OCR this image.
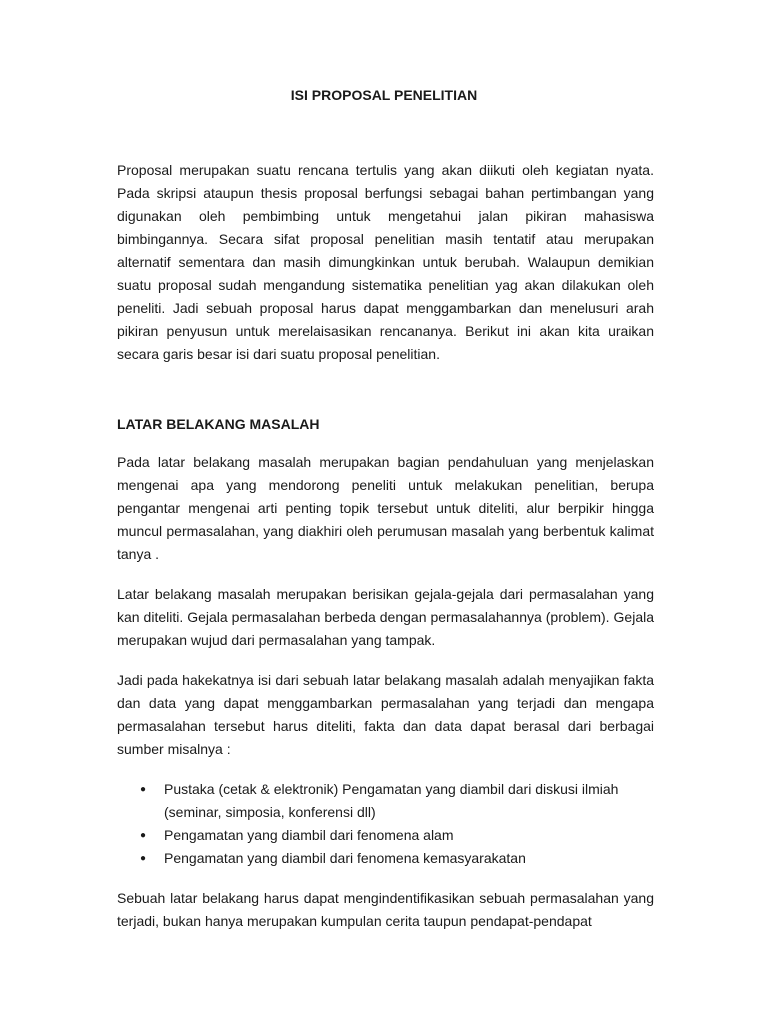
ISI PROPOSAL PENELITIAN

Proposal merupakan suatu rencana tertulis yang akan diikuti oleh kegiatan nyata. Pada skripsi ataupun thesis proposal berfungsi sebagai bahan pertimbangan yang digunakan oleh pembimbing untuk mengetahui jalan pikiran mahasiswa bimbingannya. Secara sifat proposal penelitian masih tentatif atau merupakan alternatif sementara dan masih dimungkinkan untuk berubah. Walaupun demikian suatu proposal sudah mengandung sistematika penelitian yag akan dilakukan oleh peneliti. Jadi sebuah proposal harus dapat menggambarkan dan menelusuri arah pikiran penyusun untuk merelaisasikan rencananya. Berikut ini akan kita uraikan secara garis besar isi dari suatu proposal penelitian.

LATAR BELAKANG MASALAH

Pada latar belakang masalah merupakan bagian pendahuluan yang menjelaskan mengenai apa yang mendorong peneliti untuk melakukan penelitian, berupa pengantar mengenai arti penting topik tersebut untuk diteliti, alur berpikir hingga muncul permasalahan, yang diakhiri oleh perumusan masalah yang berbentuk kalimat tanya .

Latar belakang masalah merupakan berisikan gejala-gejala dari permasalahan yang kan diteliti. Gejala permasalahan berbeda dengan permasalahannya (problem). Gejala merupakan wujud dari permasalahan yang tampak.

Jadi pada hakekatnya isi dari sebuah latar belakang masalah adalah menyajikan fakta dan data yang dapat menggambarkan permasalahan yang terjadi dan mengapa permasalahan tersebut harus diteliti, fakta dan data dapat berasal dari berbagai sumber misalnya :

● Pustaka (cetak & elektronik) Pengamatan yang diambil dari diskusi ilmiah (seminar, simposia, konferensi dll)
● Pengamatan yang diambil dari fenomena alam
● Pengamatan yang diambil dari fenomena kemasyarakatan

Sebuah latar belakang harus dapat mengindentifikasikan sebuah permasalahan yang terjadi, bukan hanya merupakan kumpulan cerita taupun pendapat-pendapat
